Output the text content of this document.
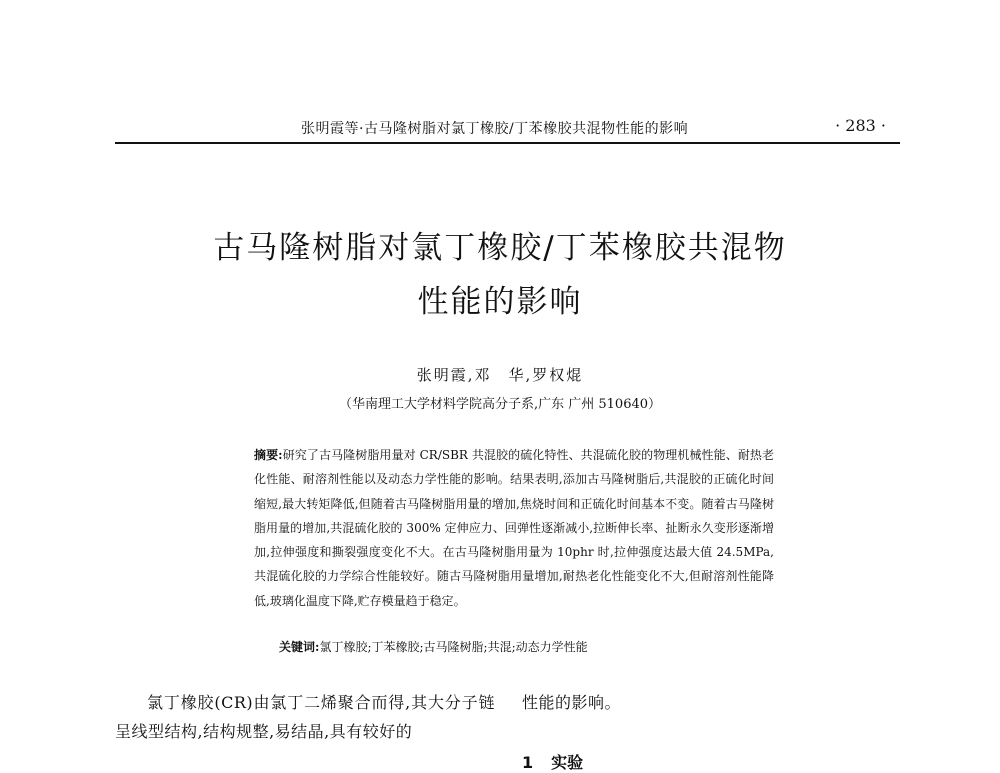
张明霞等·古马隆树脂对氯丁橡胶/丁苯橡胶共混物性能的影响	· 283 ·
古马隆树脂对氯丁橡胶/丁苯橡胶共混物
性能的影响
张明霞,邓　华,罗权焜
（华南理工大学材料学院高分子系,广东 广州 510640）
摘要:研究了古马隆树脂用量对 CR/SBR 共混胶的硫化特性、共混硫化胶的物理机械性能、耐热老化性能、耐溶剂性能以及动态力学性能的影响。结果表明,添加古马隆树脂后,共混胶的正硫化时间缩短,最大转矩降低,但随着古马隆树脂用量的增加,焦烧时间和正硫化时间基本不变。随着古马隆树脂用量的增加,共混硫化胶的 300% 定伸应力、回弹性逐渐减小,拉断伸长率、扯断永久变形逐渐增加,拉伸强度和撕裂强度变化不大。在古马隆树脂用量为 10phr 时,拉伸强度达最大值 24.5MPa,共混硫化胶的力学综合性能较好。随古马隆树脂用量增加,耐热老化性能变化不大,但耐溶剂性能降低,玻璃化温度下降,贮存模量趋于稳定。
关键词:氯丁橡胶;丁苯橡胶;古马隆树脂;共混;动态力学性能
氯丁橡胶(CR)由氯丁二烯聚合而得,其大分子链呈线型结构,结构规整,易结晶,具有较好的
性能的影响。
1 实验
